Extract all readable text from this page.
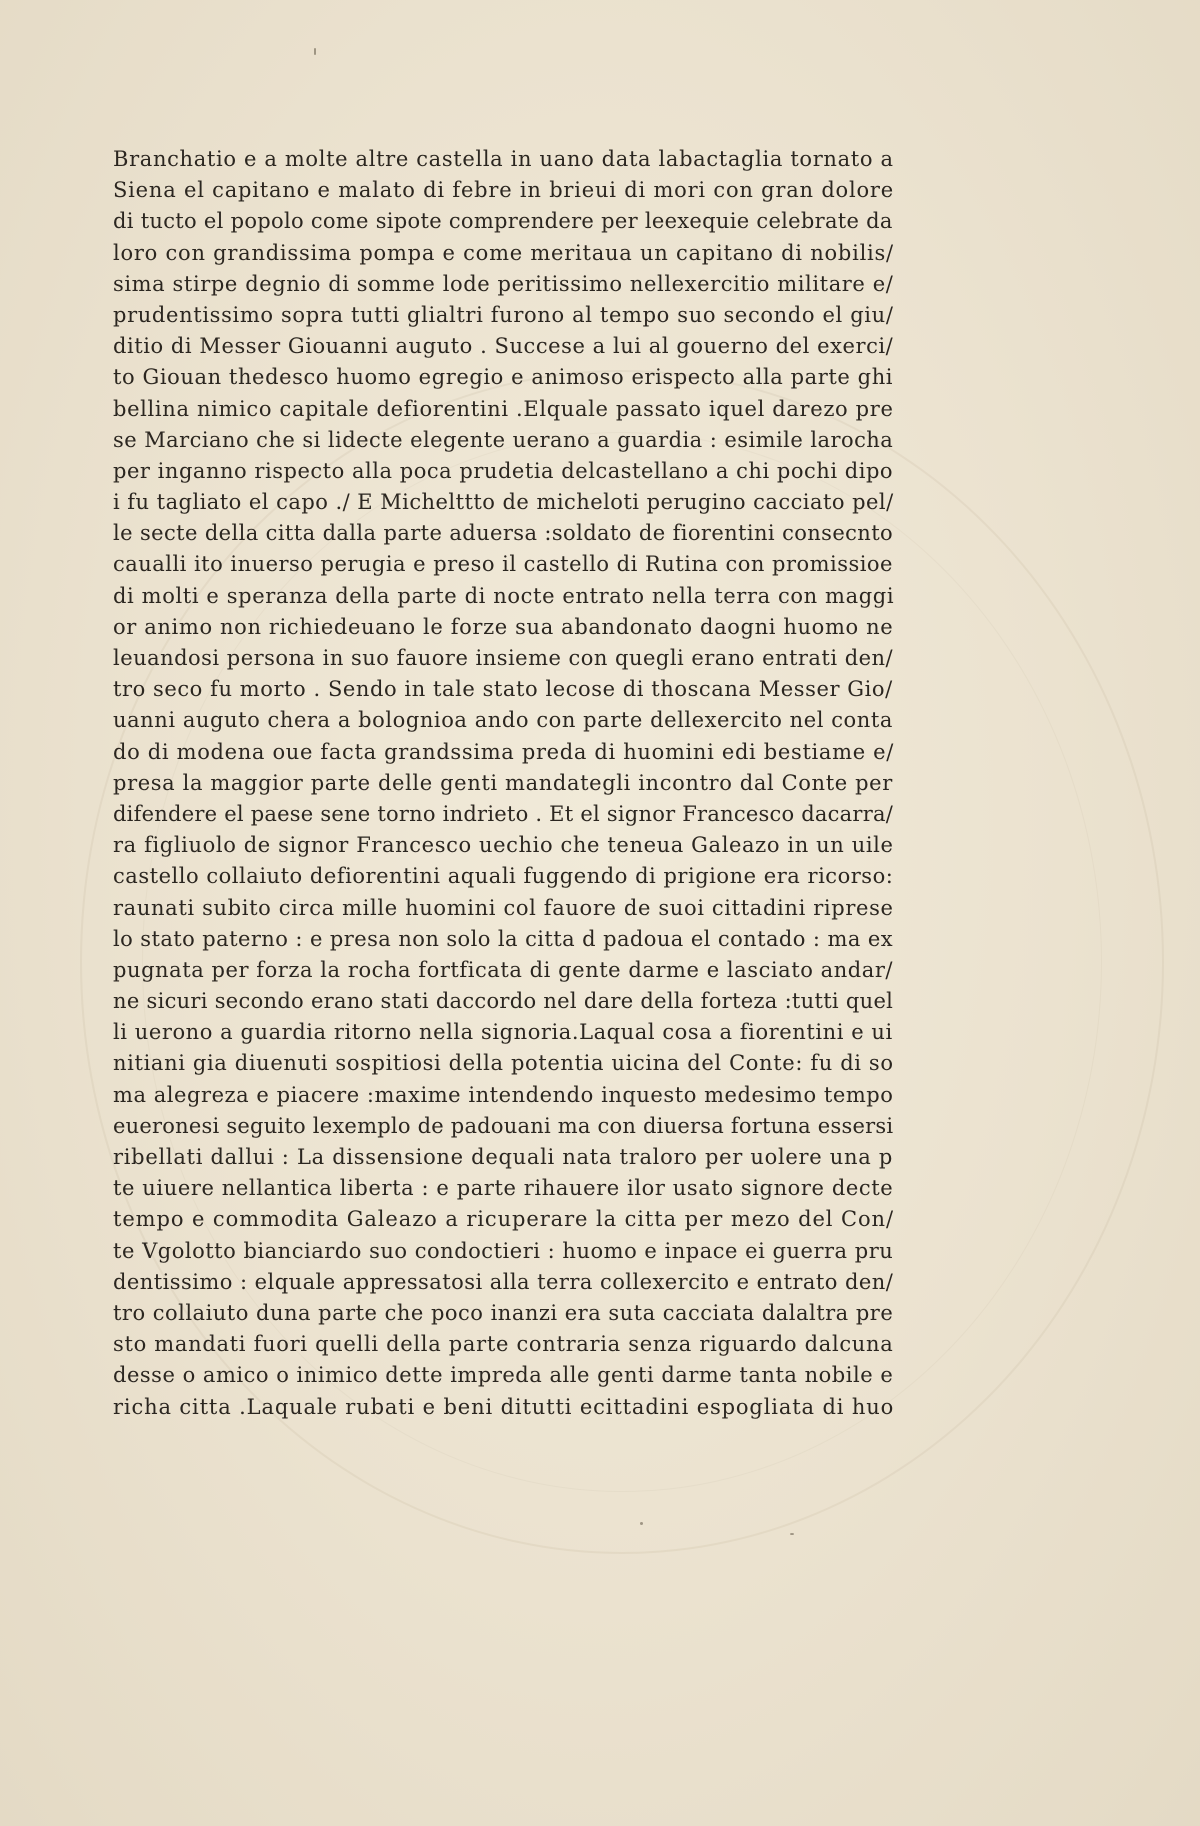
Branchatio e a molte altre castella in uano data labactaglia tornato a
Siena el capitano e malato di febre in brieui di mori con gran dolore
di tucto el popolo come sipote comprendere per leexequie celebrate da
loro con grandissima pompa e come meritaua un capitano di nobilis/
sima stirpe degnio di somme lode peritissimo nellexercitio militare e/
prudentissimo sopra tutti glialtri furono al tempo suo secondo el giu/
ditio di Messer Giouanni auguto . Succese a lui al gouerno del exerci/
to Giouan thedesco huomo egregio e animoso erispecto alla parte ghi
bellina nimico capitale defiorentini .Elquale passato iquel darezo pre
se Marciano che si lidecte elegente uerano a guardia : esimile larocha
per inganno rispecto alla poca prudetia delcastellano a chi pochi dipo
i fu tagliato el capo ./ E Michelttto de micheloti perugino cacciato pel/
le secte della citta dalla parte aduersa :soldato de fiorentini consecnto
caualli ito inuerso perugia e preso il castello di Rutina con promissioe
di molti e speranza della parte di nocte entrato nella terra con maggi
or animo non richiedeuano le forze sua abandonato daogni huomo ne
leuandosi persona in suo fauore insieme con quegli erano entrati den/
tro seco fu morto . Sendo in tale stato lecose di thoscana Messer Gio/
uanni auguto chera a bolognioa ando con parte dellexercito nel conta
do di modena oue facta grandssima preda di huomini edi bestiame e/
presa la maggior parte delle genti mandategli incontro dal Conte per
difendere el paese sene torno indrieto . Et el signor Francesco dacarra/
ra figliuolo de signor Francesco uechio che teneua Galeazo in un uile
castello collaiuto defiorentini aquali fuggendo di prigione era ricorso:
raunati subito circa mille huomini col fauore de suoi cittadini riprese
lo stato paterno : e presa non solo la citta d padoua el contado : ma ex
pugnata per forza la rocha fortficata di gente darme e lasciato andar/
ne sicuri secondo erano stati daccordo nel dare della forteza :tutti quel
li uerono a guardia ritorno nella signoria.Laqual cosa a fiorentini e ui
nitiani gia diuenuti sospitiosi della potentia uicina del Conte: fu di so
ma alegreza e piacere :maxime intendendo inquesto medesimo tempo
eueronesi seguito lexemplo de padouani ma con diuersa fortuna essersi
ribellati dallui : La dissensione dequali nata traloro per uolere una p
te uiuere nellantica liberta : e parte rihauere ilor usato signore decte
tempo e commodita Galeazo a ricuperare la citta per mezo del Con/
te Vgolotto bianciardo suo condoctieri : huomo e inpace ei guerra pru
dentissimo : elquale appressatosi alla terra collexercito e entrato den/
tro collaiuto duna parte che poco inanzi era suta cacciata dalaltra pre
sto mandati fuori quelli della parte contraria senza riguardo dalcuna
desse o amico o inimico dette impreda alle genti darme tanta nobile e
richa citta .Laquale rubati e beni ditutti ecittadini espogliata di huo
